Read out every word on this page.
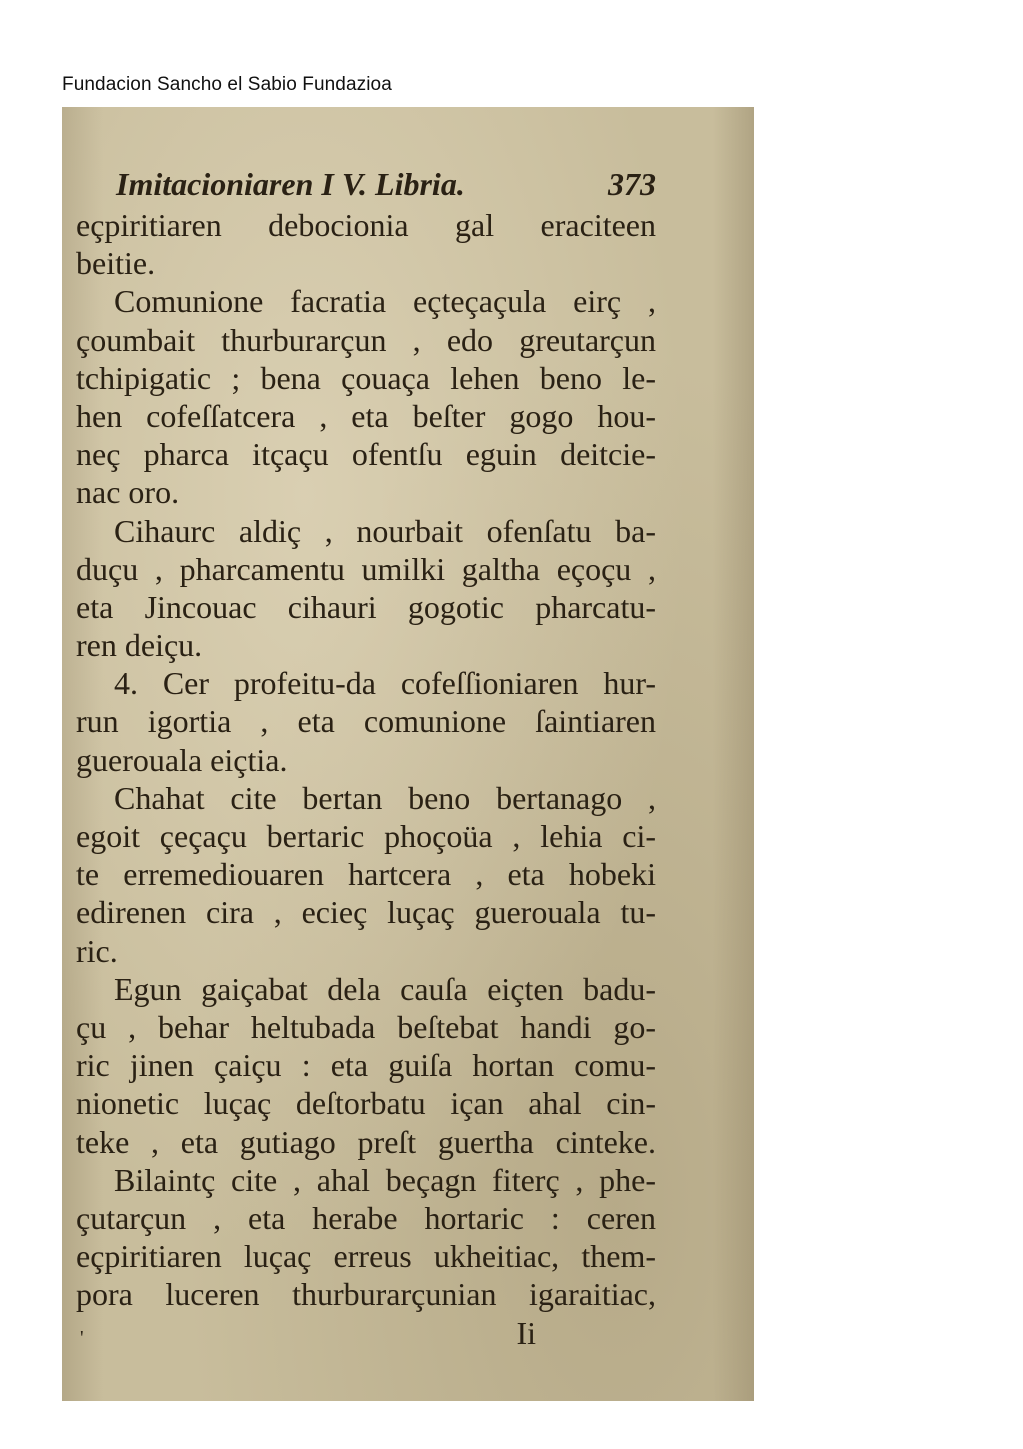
Fundacion Sancho el Sabio Fundazioa
Imitacioniaren I V. Libria.	373
eçpiritiaren debocionia gal eraciteen
beitie.
Comunione facratia eçteçaçula eirç ,
çoumbait thurburarçun , edo greutarçun
tchipigatic ; bena çouaça lehen beno le-
hen cofeſſatcera , eta beſter gogo hou-
neç pharca itçaçu ofentſu eguin deitcie-
nac oro.
Cihaurc aldiç , nourbait ofenſatu ba-
duçu , pharcamentu umilki galtha eçoçu ,
eta Jincouac cihauri gogotic pharcatu-
ren deiçu.
4. Cer profeitu-da cofeſſioniaren hur-
run igortia , eta comunione ſaintiaren
guerouala eiçtia.
Chahat cite bertan beno bertanago ,
egoit çeçaçu bertaric phoçoüa , lehia ci-
te erremediouaren hartcera , eta hobeki
edirenen cira , ecieç luçaç guerouala tu-
ric.
Egun gaiçabat dela cauſa eiçten badu-
çu , behar heltubada beſtebat handi go-
ric jinen çaiçu : eta guiſa hortan comu-
nionetic luçaç deſtorbatu içan ahal cin-
teke , eta gutiago preſt guertha cinteke.
Bilaintç cite , ahal beçagn fiterç , phe-
çutarçun , eta herabe hortaric : ceren
eçpiritiaren luçaç erreus ukheitiac, them-
pora luceren thurburarçunian igaraitiac,
'	Ii
